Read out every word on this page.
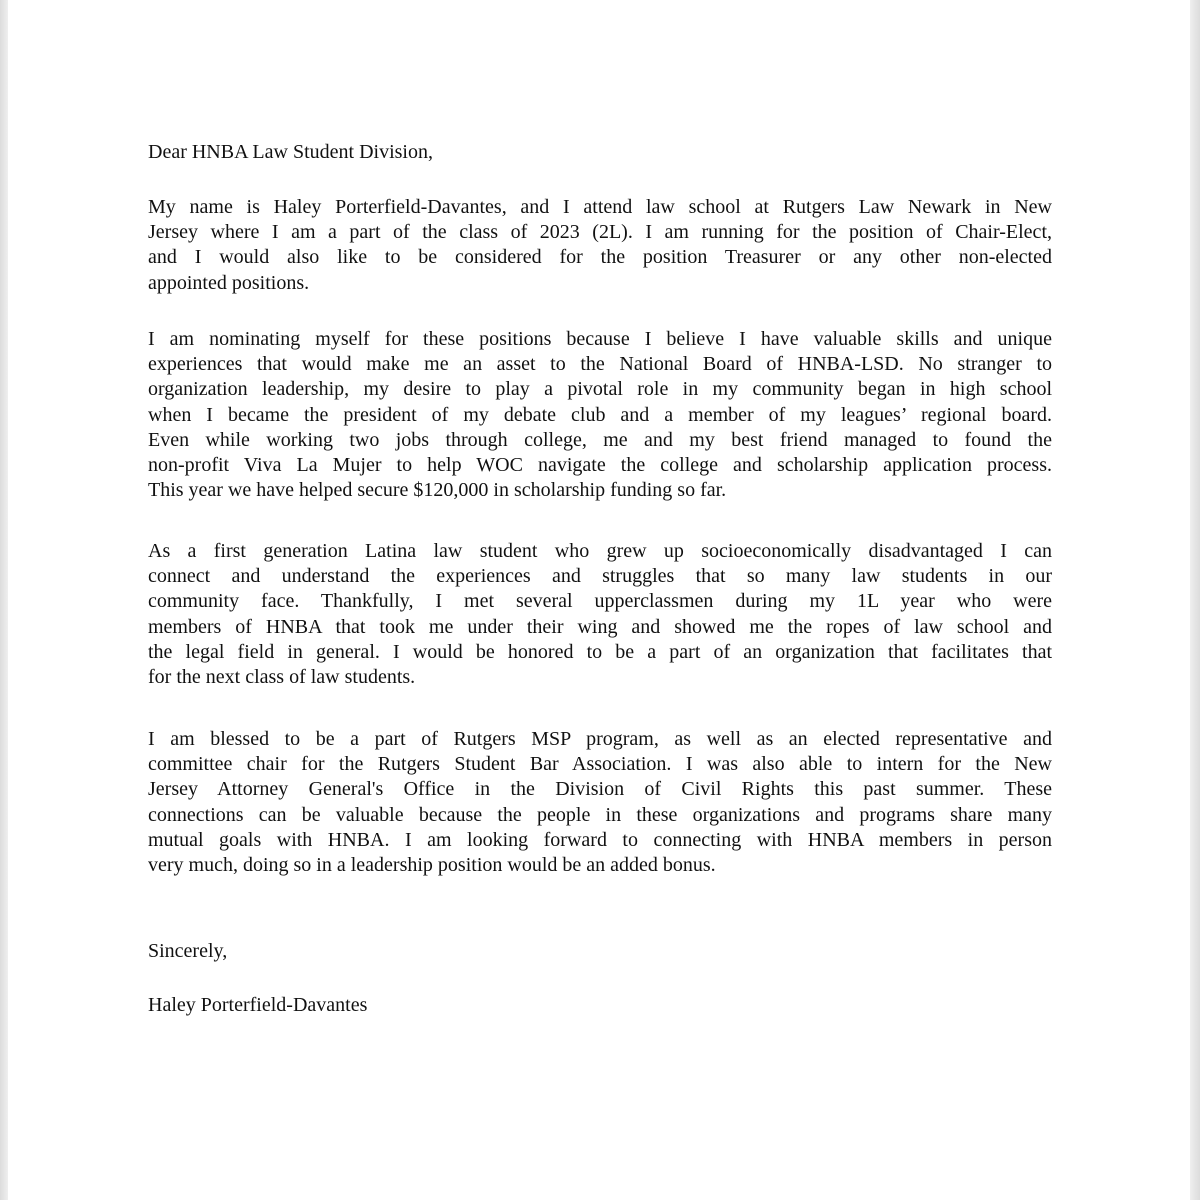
Dear HNBA Law Student Division,
My name is Haley Porterfield-Davantes, and I attend law school at Rutgers Law Newark in New
Jersey where I am a part of the class of 2023 (2L). I am running for the position of Chair-Elect,
and I would also like to be considered for the position Treasurer or any other non-elected
appointed positions.
I am nominating myself for these positions because I believe I have valuable skills and unique
experiences that would make me an asset to the National Board of HNBA-LSD. No stranger to
organization leadership, my desire to play a pivotal role in my community began in high school
when I became the president of my debate club and a member of my leagues’ regional board.
Even while working two jobs through college, me and my best friend managed to found the
non-profit Viva La Mujer to help WOC navigate the college and scholarship application process.
This year we have helped secure $120,000 in scholarship funding so far.
As a first generation Latina law student who grew up socioeconomically disadvantaged I can
connect and understand the experiences and struggles that so many law students in our
community face. Thankfully, I met several upperclassmen during my 1L year who were
members of HNBA that took me under their wing and showed me the ropes of law school and
the legal field in general. I would be honored to be a part of an organization that facilitates that
for the next class of law students.
I am blessed to be a part of Rutgers MSP program, as well as an elected representative and
committee chair for the Rutgers Student Bar Association. I was also able to intern for the New
Jersey Attorney General's Office in the Division of Civil Rights this past summer. These
connections can be valuable because the people in these organizations and programs share many
mutual goals with HNBA. I am looking forward to connecting with HNBA members in person
very much, doing so in a leadership position would be an added bonus.
Sincerely,
Haley Porterfield-Davantes
